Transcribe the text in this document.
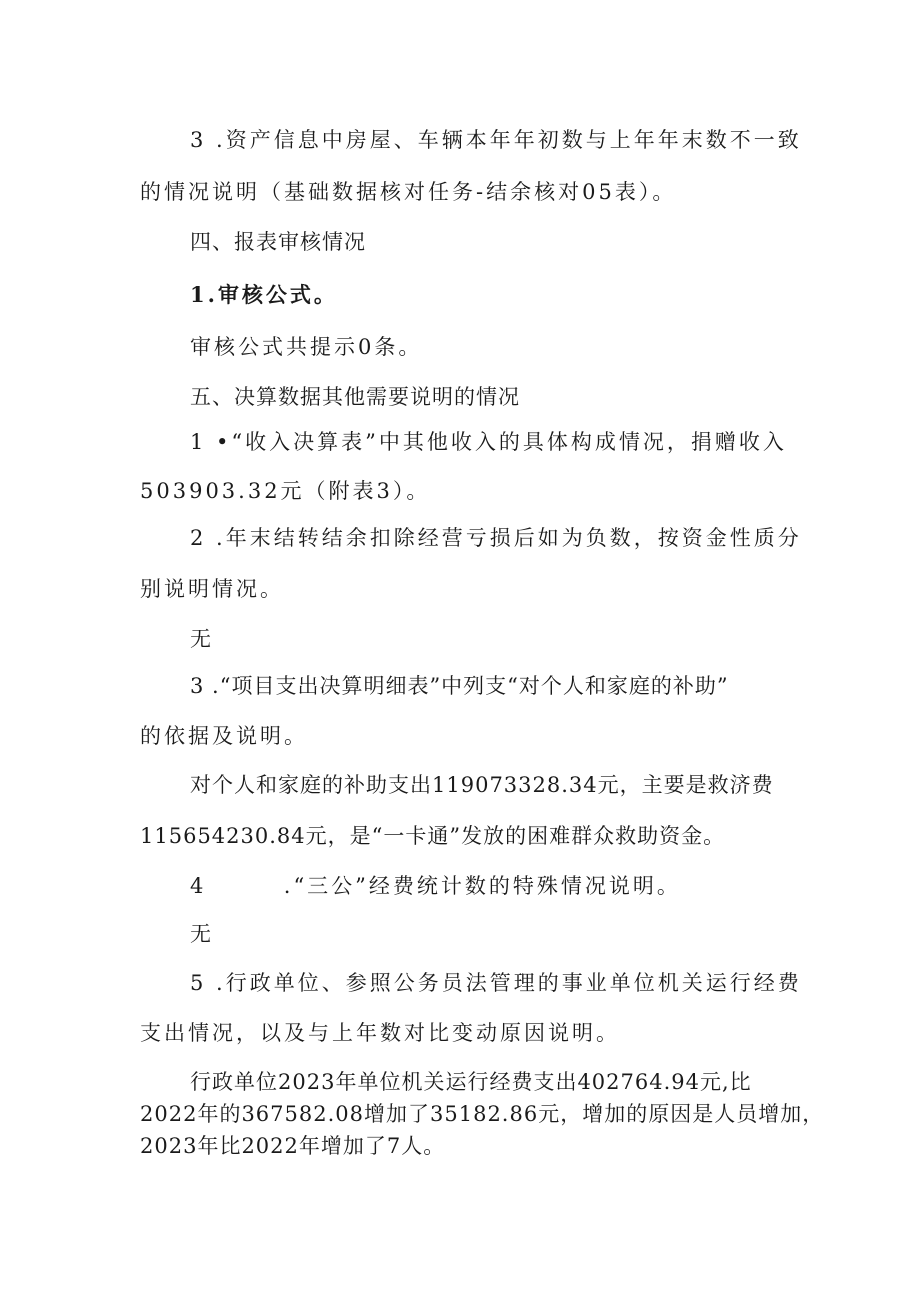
3 .资产信息中房屋、车辆本年年初数与上年年末数不一致
的情况说明（基础数据核对任务-结余核对05表）。
四、报表审核情况
1.审核公式。
审核公式共提示0条。
五、决算数据其他需要说明的情况
1 •“收入决算表”中其他收入的具体构成情况，捐赠收入
503903.32元（附表3）。
2 .年末结转结余扣除经营亏损后如为负数，按资金性质分
别说明情况。
无
3 .“项目支出决算明细表”中列支“对个人和家庭的补助”
的依据及说明。
对个人和家庭的补助支出119073328.34元，主要是救济费
115654230.84元，是“一卡通”发放的困难群众救助资金。
4        .“三公”经费统计数的特殊情况说明。
无
5 .行政单位、参照公务员法管理的事业单位机关运行经费
支出情况，以及与上年数对比变动原因说明。
行政单位2023年单位机关运行经费支出402764.94元,比
2022年的367582.08增加了35182.86元，增加的原因是人员增加，
2023年比2022年增加了7人。
